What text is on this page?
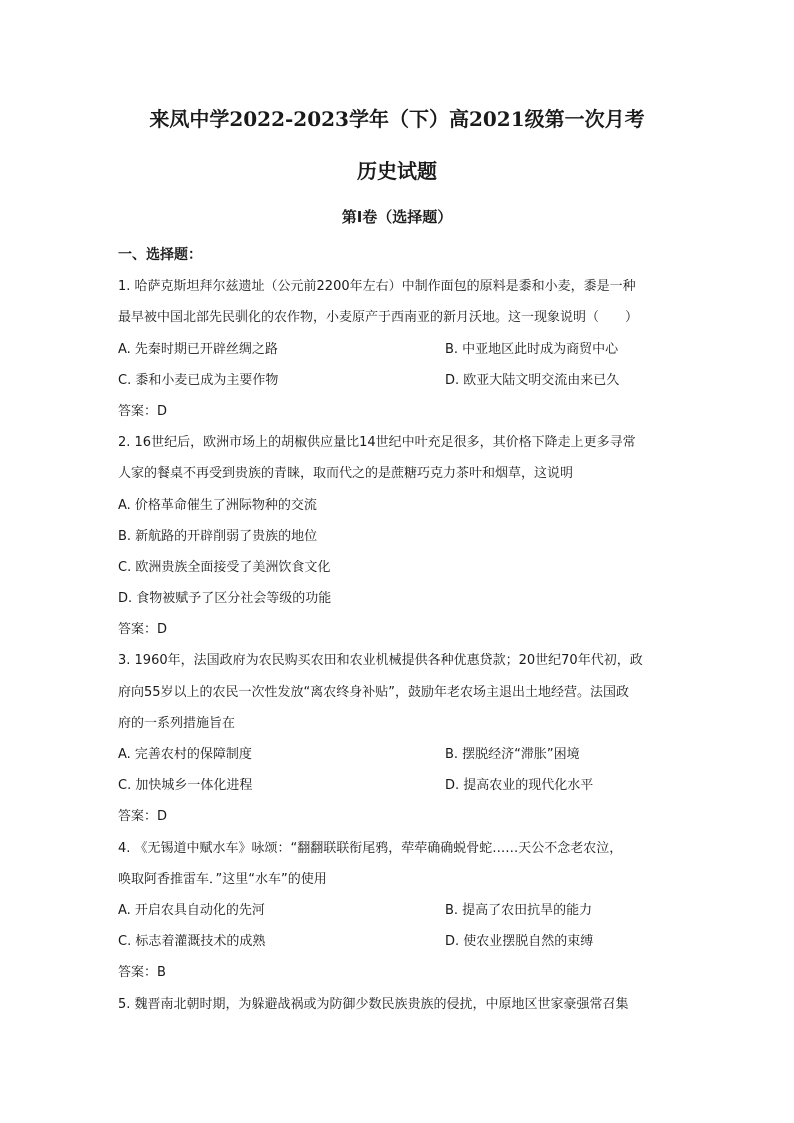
来凤中学2022-2023学年（下）高2021级第一次月考
历史试题
第Ⅰ卷（选择题）
一、选择题：
1. 哈萨克斯坦拜尔兹遗址（公元前2200年左右）中制作面包的原料是黍和小麦，黍是一种
最早被中国北部先民驯化的农作物，小麦原产于西南亚的新月沃地。这一现象说明（　　）
A. 先秦时期已开辟丝绸之路	B. 中亚地区此时成为商贸中心
C. 黍和小麦已成为主要作物	D. 欧亚大陆文明交流由来已久
答案：D
2. 16世纪后，欧洲市场上的胡椒供应量比14世纪中叶充足很多，其价格下降走上更多寻常
人家的餐桌不再受到贵族的青睐，取而代之的是蔗糖巧克力茶叶和烟草，这说明
A. 价格革命催生了洲际物种的交流
B. 新航路的开辟削弱了贵族的地位
C. 欧洲贵族全面接受了美洲饮食文化
D. 食物被赋予了区分社会等级的功能
答案：D
3. 1960年，法国政府为农民购买农田和农业机械提供各种优惠贷款；20世纪70年代初，政
府向55岁以上的农民一次性发放“离农终身补贴”，鼓励年老农场主退出土地经营。法国政
府的一系列措施旨在
A. 完善农村的保障制度	B. 摆脱经济“滞胀”困境
C. 加快城乡一体化进程	D. 提高农业的现代化水平
答案：D
4. 《无锡道中赋水车》咏颂：“翻翻联联衔尾鸦，荦荦确确蜕骨蛇……天公不念老农泣，
唤取阿香推雷车．”这里“水车”的使用
A. 开启农具自动化的先河	B. 提高了农田抗旱的能力
C. 标志着灌溉技术的成熟	D. 使农业摆脱自然的束缚
答案：B
5. 魏晋南北朝时期，为躲避战祸或为防御少数民族贵族的侵扰，中原地区世家豪强常召集
